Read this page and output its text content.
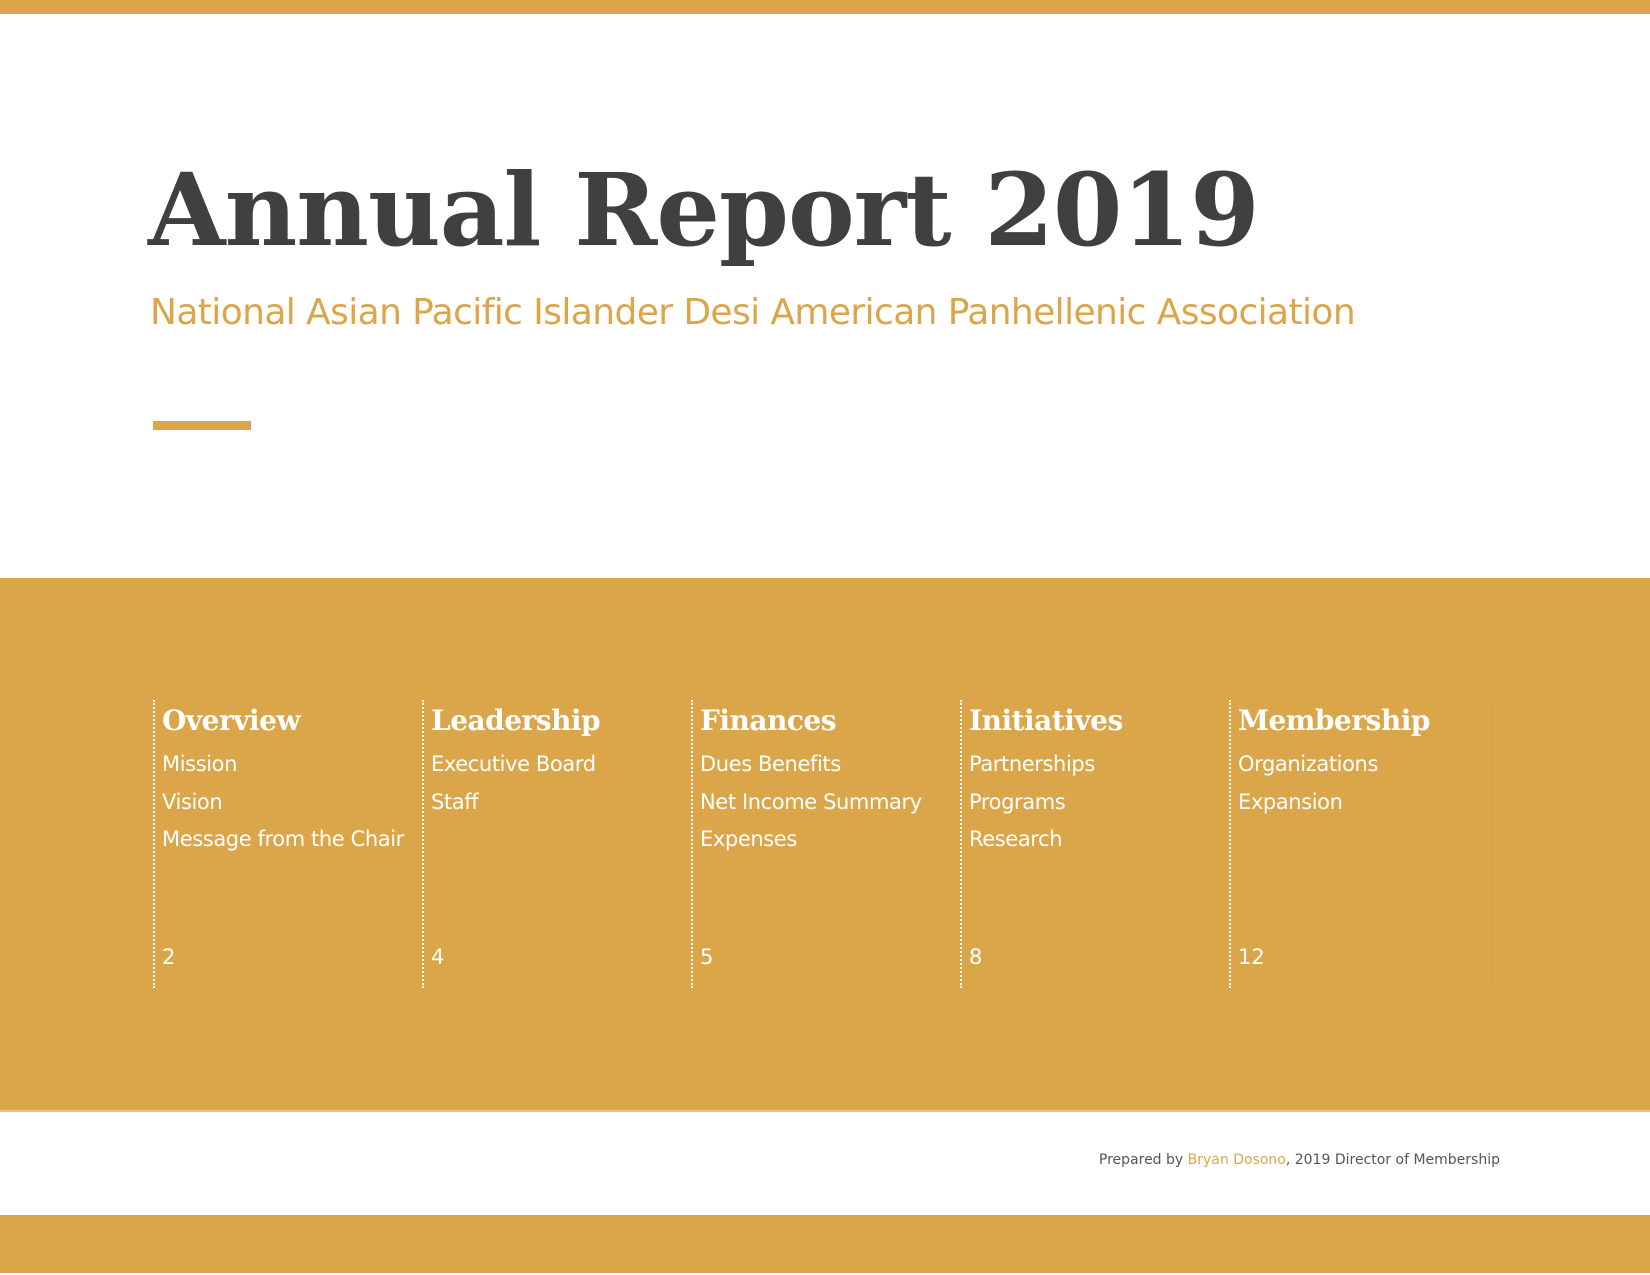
Annual Report 2019
National Asian Pacific Islander Desi American Panhellenic Association
Overview
Mission
Vision
Message from the Chair
2
Leadership
Executive Board
Staff
4
Finances
Dues Benefits
Net Income Summary
Expenses
5
Initiatives
Partnerships
Programs
Research
8
Membership
Organizations
Expansion
12
Prepared by Bryan Dosono, 2019 Director of Membership
